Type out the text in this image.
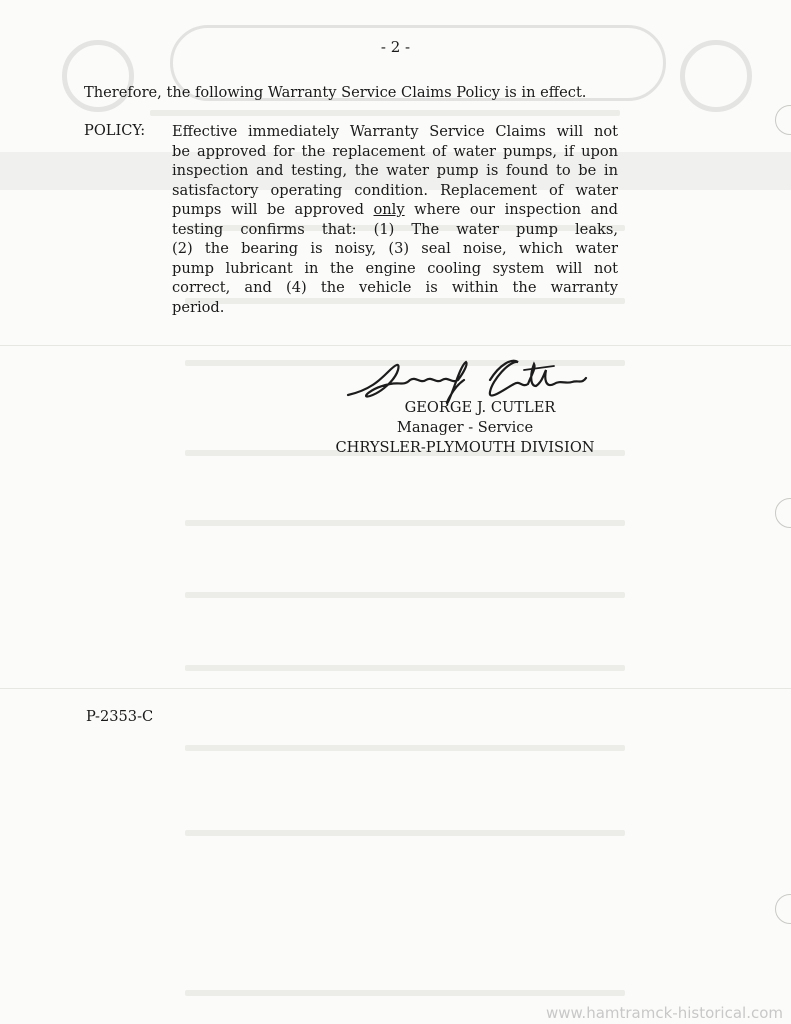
- 2 -
Therefore, the following Warranty Service Claims Policy is in effect.
POLICY: Effective immediately Warranty Service Claims will not
be approved for the replacement of water pumps, if upon
inspection and testing, the water pump is found to be in
satisfactory operating condition. Replacement of water
pumps will be approved only where our inspection and
testing confirms that: (1) The water pump leaks,
(2) the bearing is noisy, (3) seal noise, which water
pump lubricant in the engine cooling system will not
correct, and (4) the vehicle is within the warranty
period.
GEORGE J. CUTLER
Manager - Service
CHRYSLER-PLYMOUTH DIVISION
P-2353-C
www.hamtramck-historical.com
